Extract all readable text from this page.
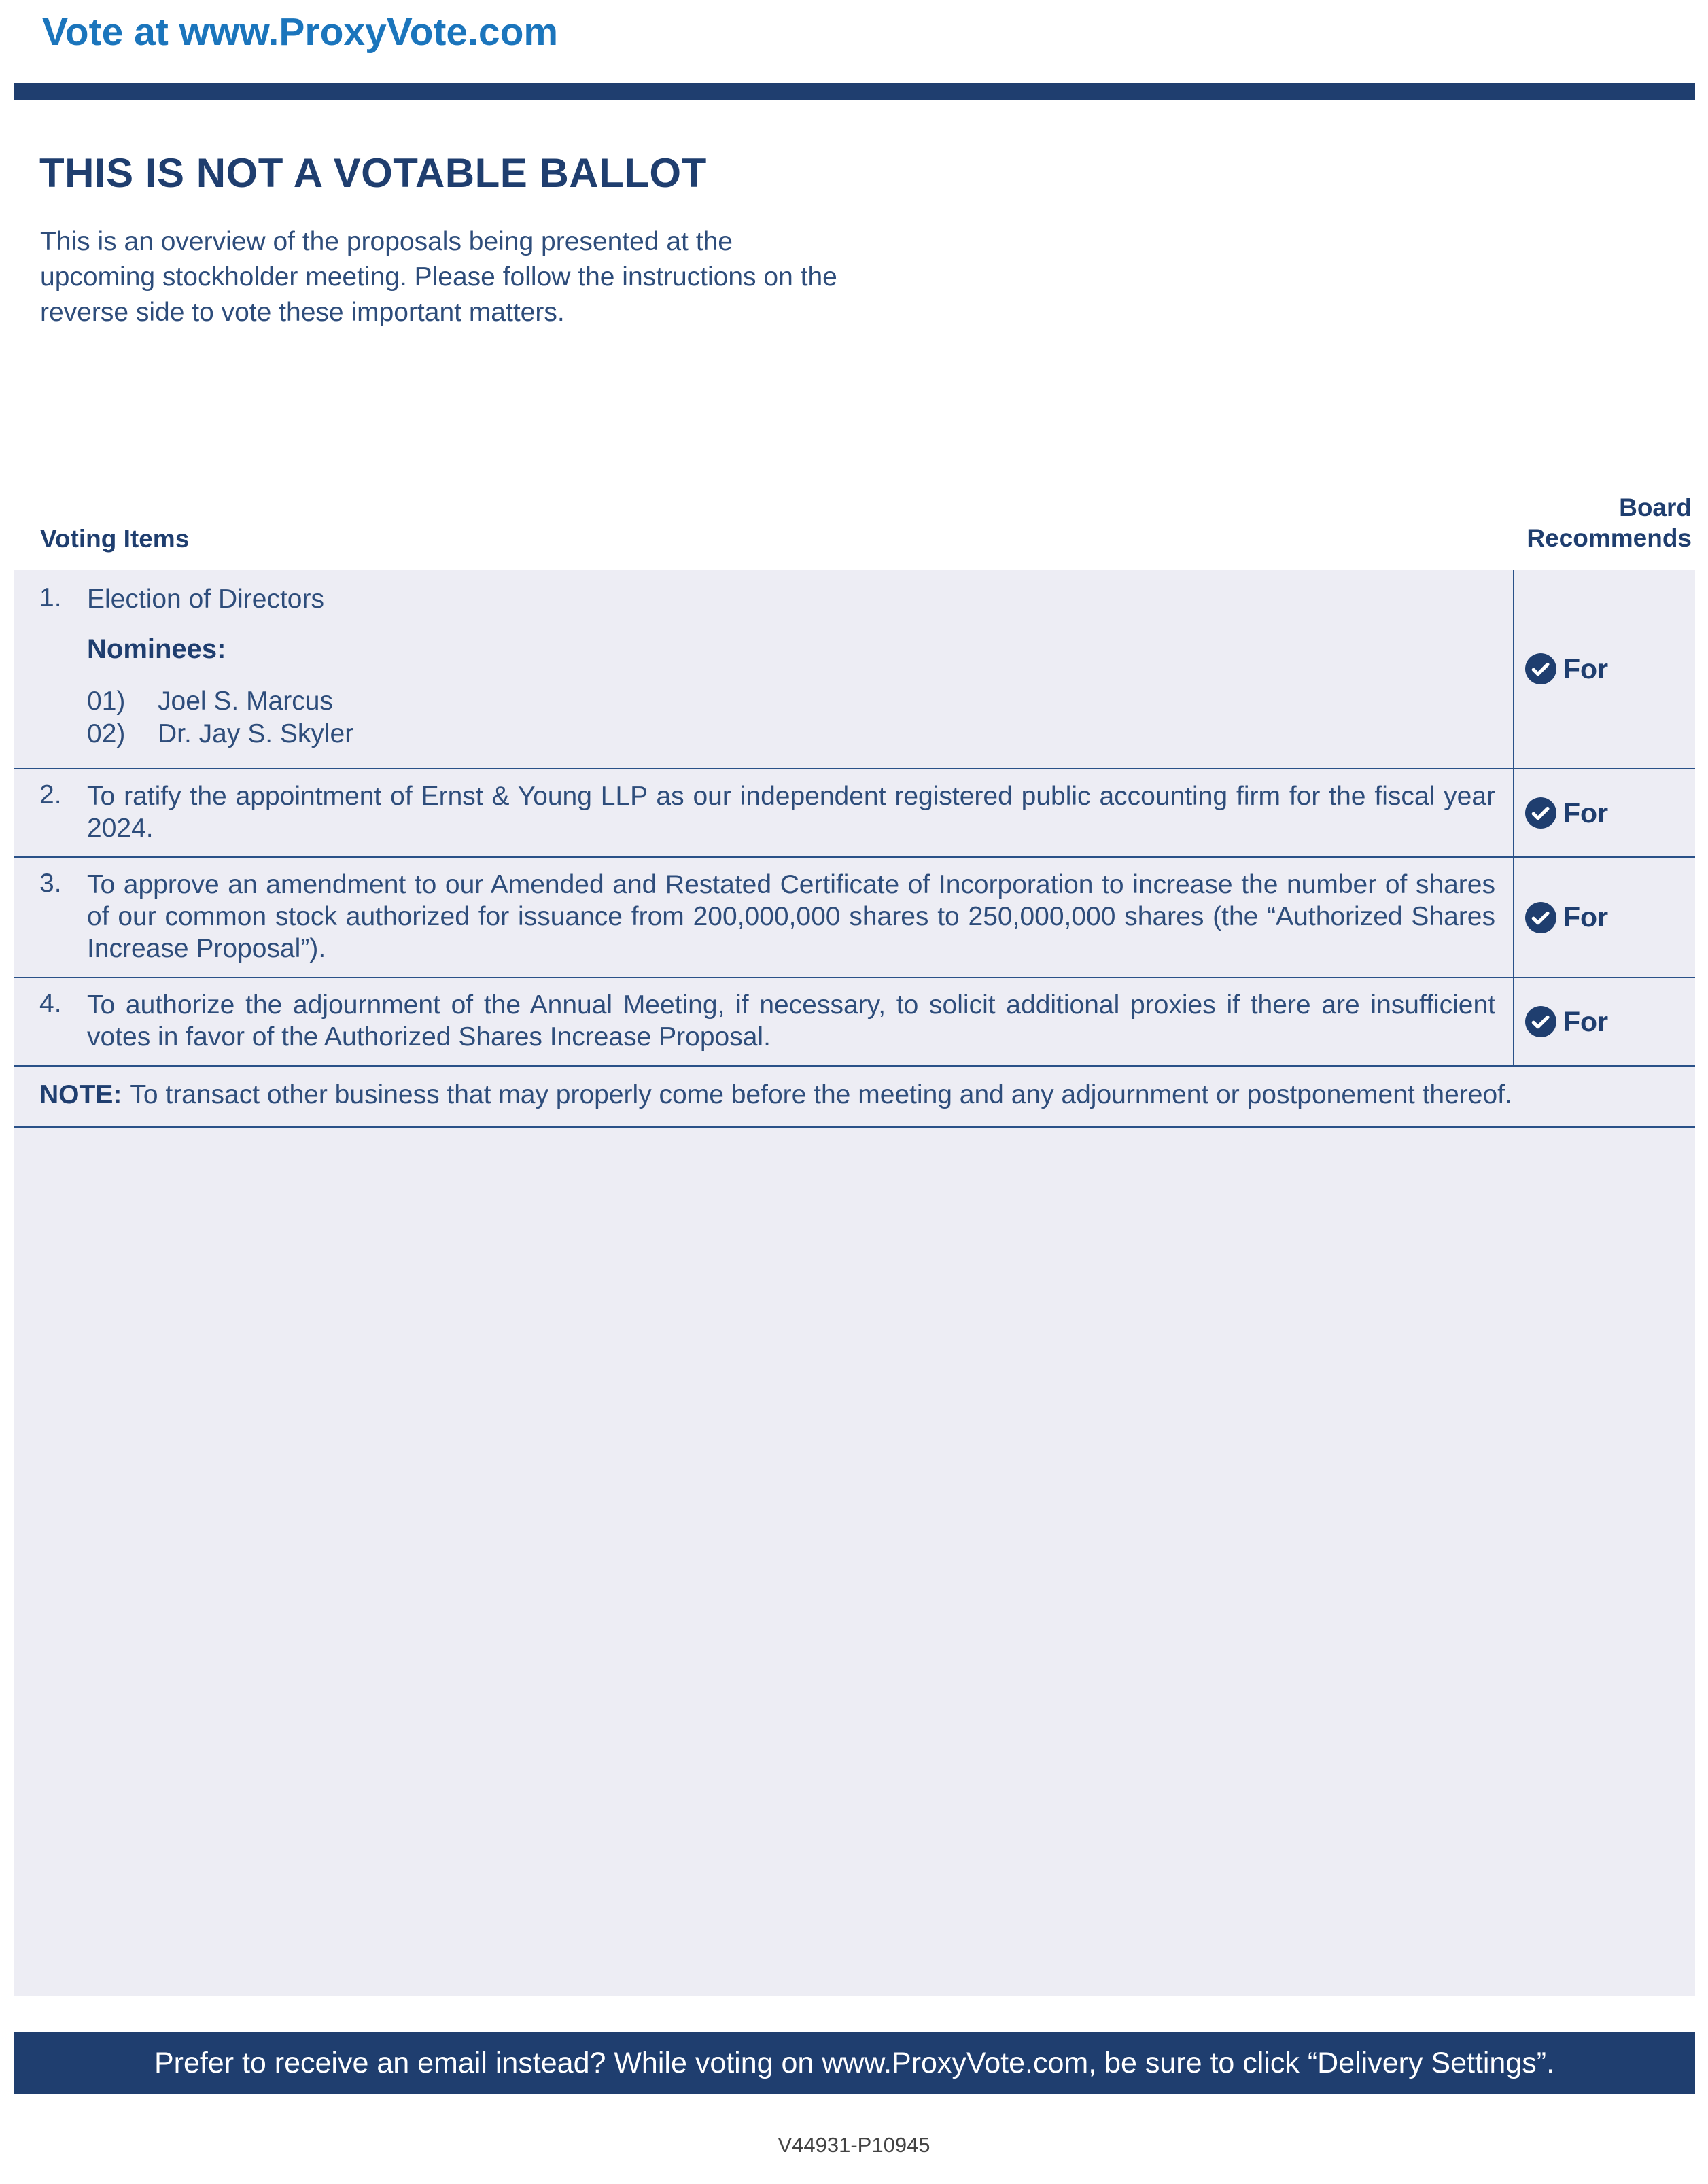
Vote at www.ProxyVote.com
THIS IS NOT A VOTABLE BALLOT

This is an overview of the proposals being presented at the upcoming stockholder meeting. Please follow the instructions on the reverse side to vote these important matters.

Voting Items
Board
Recommends
1. Election of Directors
Nominees:
01) Joel S. Marcus
02) Dr. Jay S. Skyler
For
2. To ratify the appointment of Ernst & Young LLP as our independent registered public accounting firm for the fiscal year 2024.	For
3. To approve an amendment to our Amended and Restated Certificate of Incorporation to increase the number of shares of our common stock authorized for issuance from 200,000,000 shares to 250,000,000 shares (the “Authorized Shares Increase Proposal”).
For
4. To authorize the adjournment of the Annual Meeting, if necessary, to solicit additional proxies if there are insufficient votes in favor of the Authorized Shares Increase Proposal.	For
NOTE: To transact other business that may properly come before the meeting and any adjournment or postponement thereof.
Prefer to receive an email instead? While voting on www.ProxyVote.com, be sure to click “Delivery Settings”.
V44931-P10945
